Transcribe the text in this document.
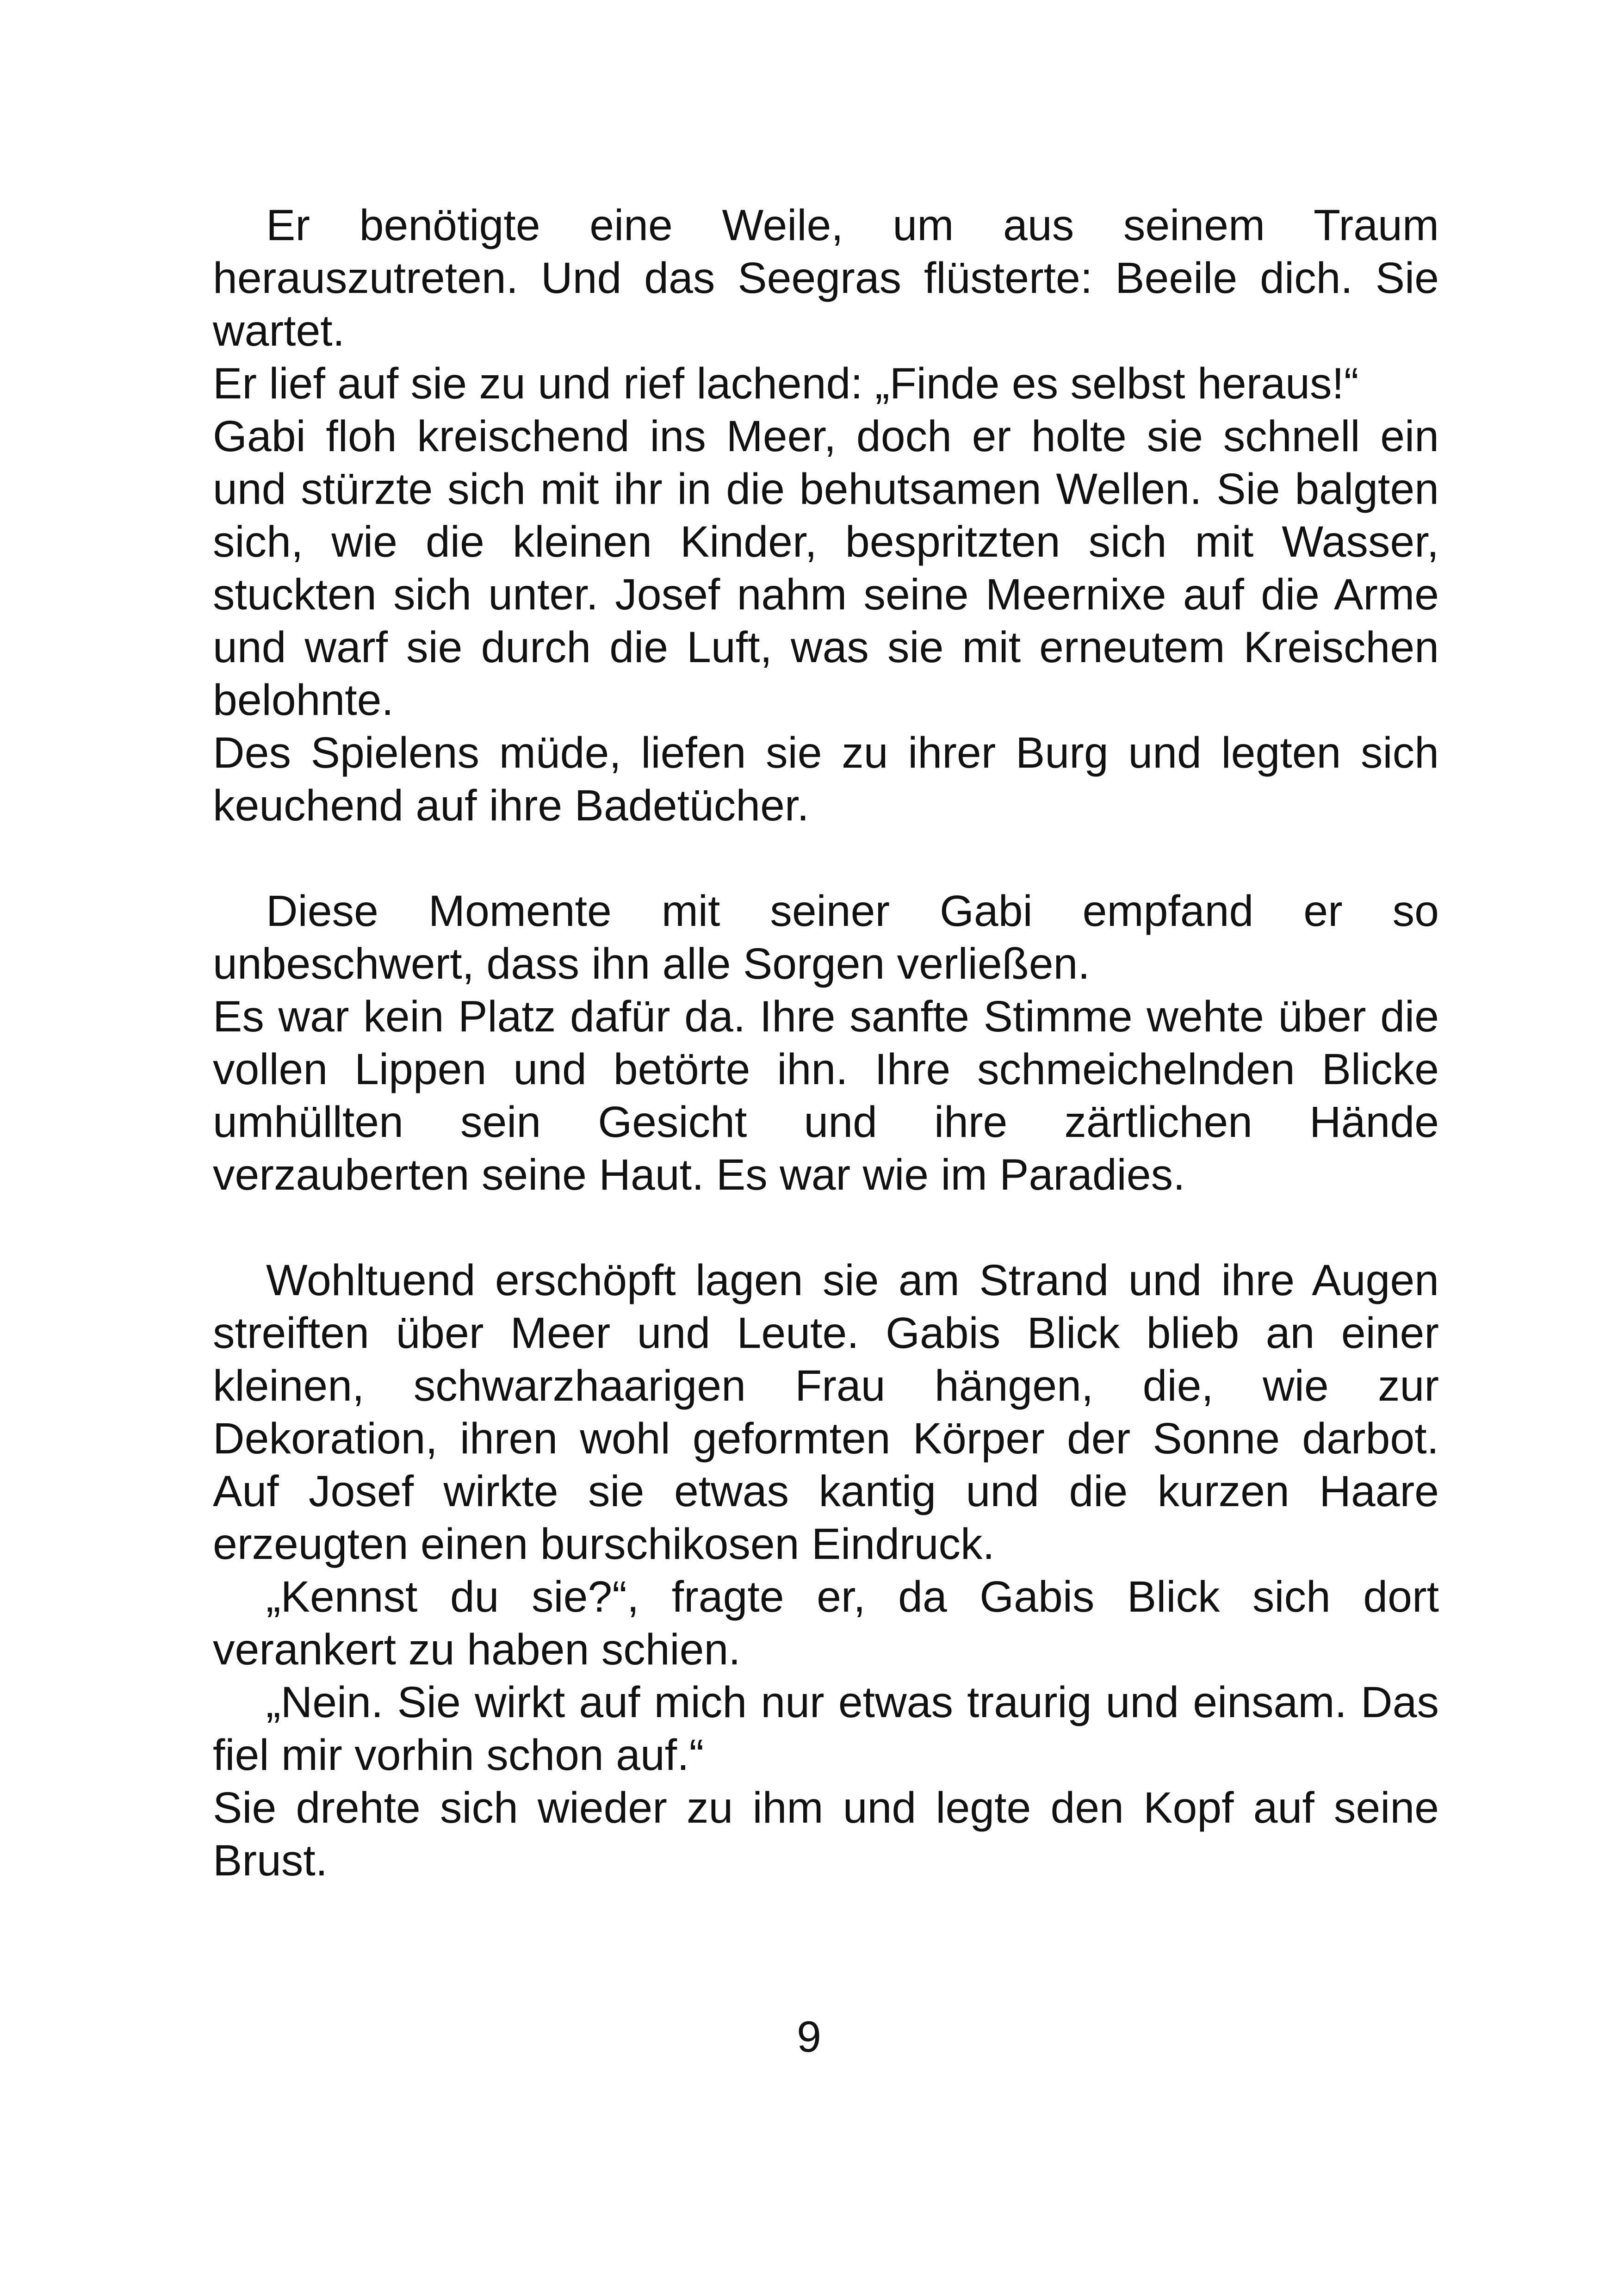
Er benötigte eine Weile, um aus seinem Traum herauszutreten. Und das Seegras flüsterte: Beeile dich. Sie wartet.

Er lief auf sie zu und rief lachend: „Finde es selbst heraus!“

Gabi floh kreischend ins Meer, doch er holte sie schnell ein und stürzte sich mit ihr in die behutsamen Wellen. Sie balgten sich, wie die kleinen Kinder, bespritzten sich mit Wasser, stuckten sich unter. Josef nahm seine Meernixe auf die Arme und warf sie durch die Luft, was sie mit erneutem Kreischen belohnte.

Des Spielens müde, liefen sie zu ihrer Burg und legten sich keuchend auf ihre Badetücher.

Diese Momente mit seiner Gabi empfand er so unbeschwert, dass ihn alle Sorgen verließen.

Es war kein Platz dafür da. Ihre sanfte Stimme wehte über die vollen Lippen und betörte ihn. Ihre schmeichelnden Blicke umhüllten sein Gesicht und ihre zärtlichen Hände verzauberten seine Haut. Es war wie im Paradies.

Wohltuend erschöpft lagen sie am Strand und ihre Augen streiften über Meer und Leute. Gabis Blick blieb an einer kleinen, schwarzhaarigen Frau hängen, die, wie zur Dekoration, ihren wohl geformten Körper der Sonne darbot. Auf Josef wirkte sie etwas kantig und die kurzen Haare erzeugten einen burschikosen Eindruck.

„Kennst du sie?“, fragte er, da Gabis Blick sich dort verankert zu haben schien.

„Nein. Sie wirkt auf mich nur etwas traurig und einsam. Das fiel mir vorhin schon auf.“

Sie drehte sich wieder zu ihm und legte den Kopf auf seine Brust.

9
